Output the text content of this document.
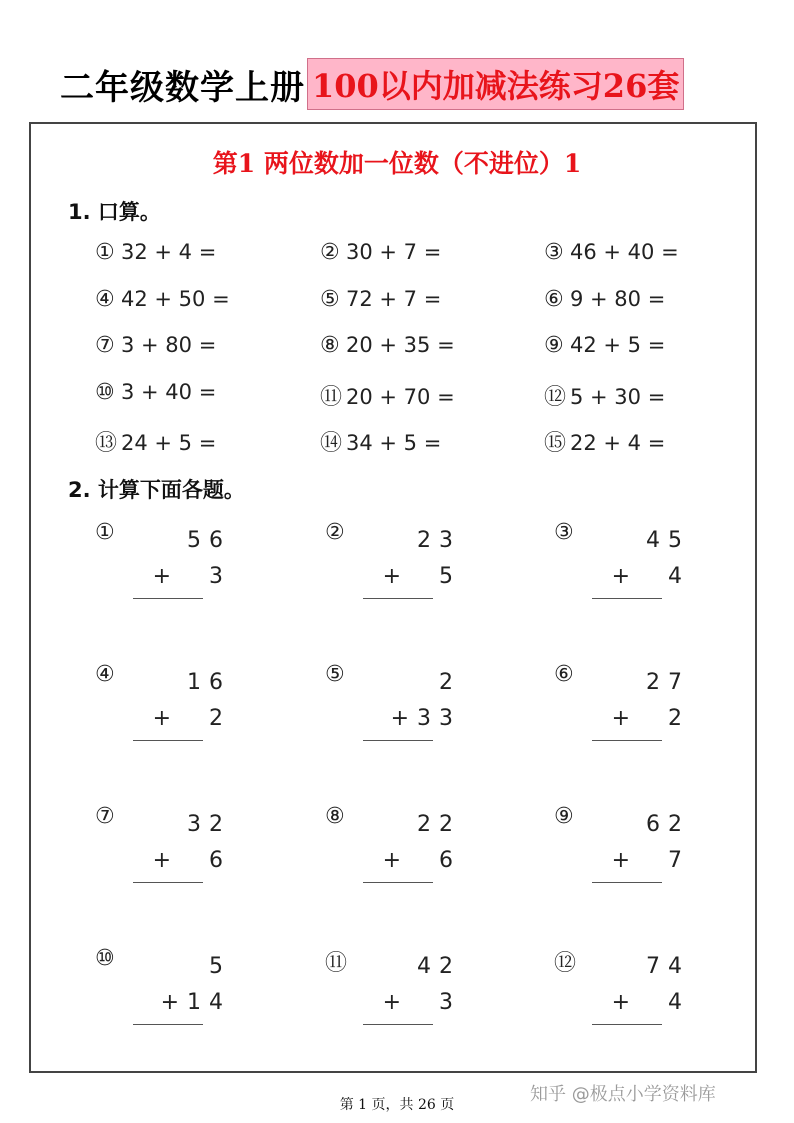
二年级数学上册 100以内加减法练习26套
第1 两位数加一位数（不进位）1
1. 口算。
① 32 + 4 =	② 30 + 7 =	③ 46 + 40 =
④ 42 + 50 =	⑤ 72 + 7 =	⑥ 9 + 80 =
⑦ 3 + 80 =	⑧ 20 + 35 =	⑨ 42 + 5 =
⑩ 3 + 40 =	⑪ 20 + 70 =	⑫ 5 + 30 =
⑬ 24 + 5 =	⑭ 34 + 5 =	⑮ 22 + 4 =
2. 计算下面各题。
①	56
+  3
②	23
+  5
③	45
+  4
④	16
+  2
⑤	2
+33
⑥	27
+  2
⑦	32
+  6
⑧	22
+  6
⑨	62
+  7
⑩	5
+14
⑪	42
+  3
⑫	74
+  4
第 1 页，共 26 页	知乎 @极点小学资料库
